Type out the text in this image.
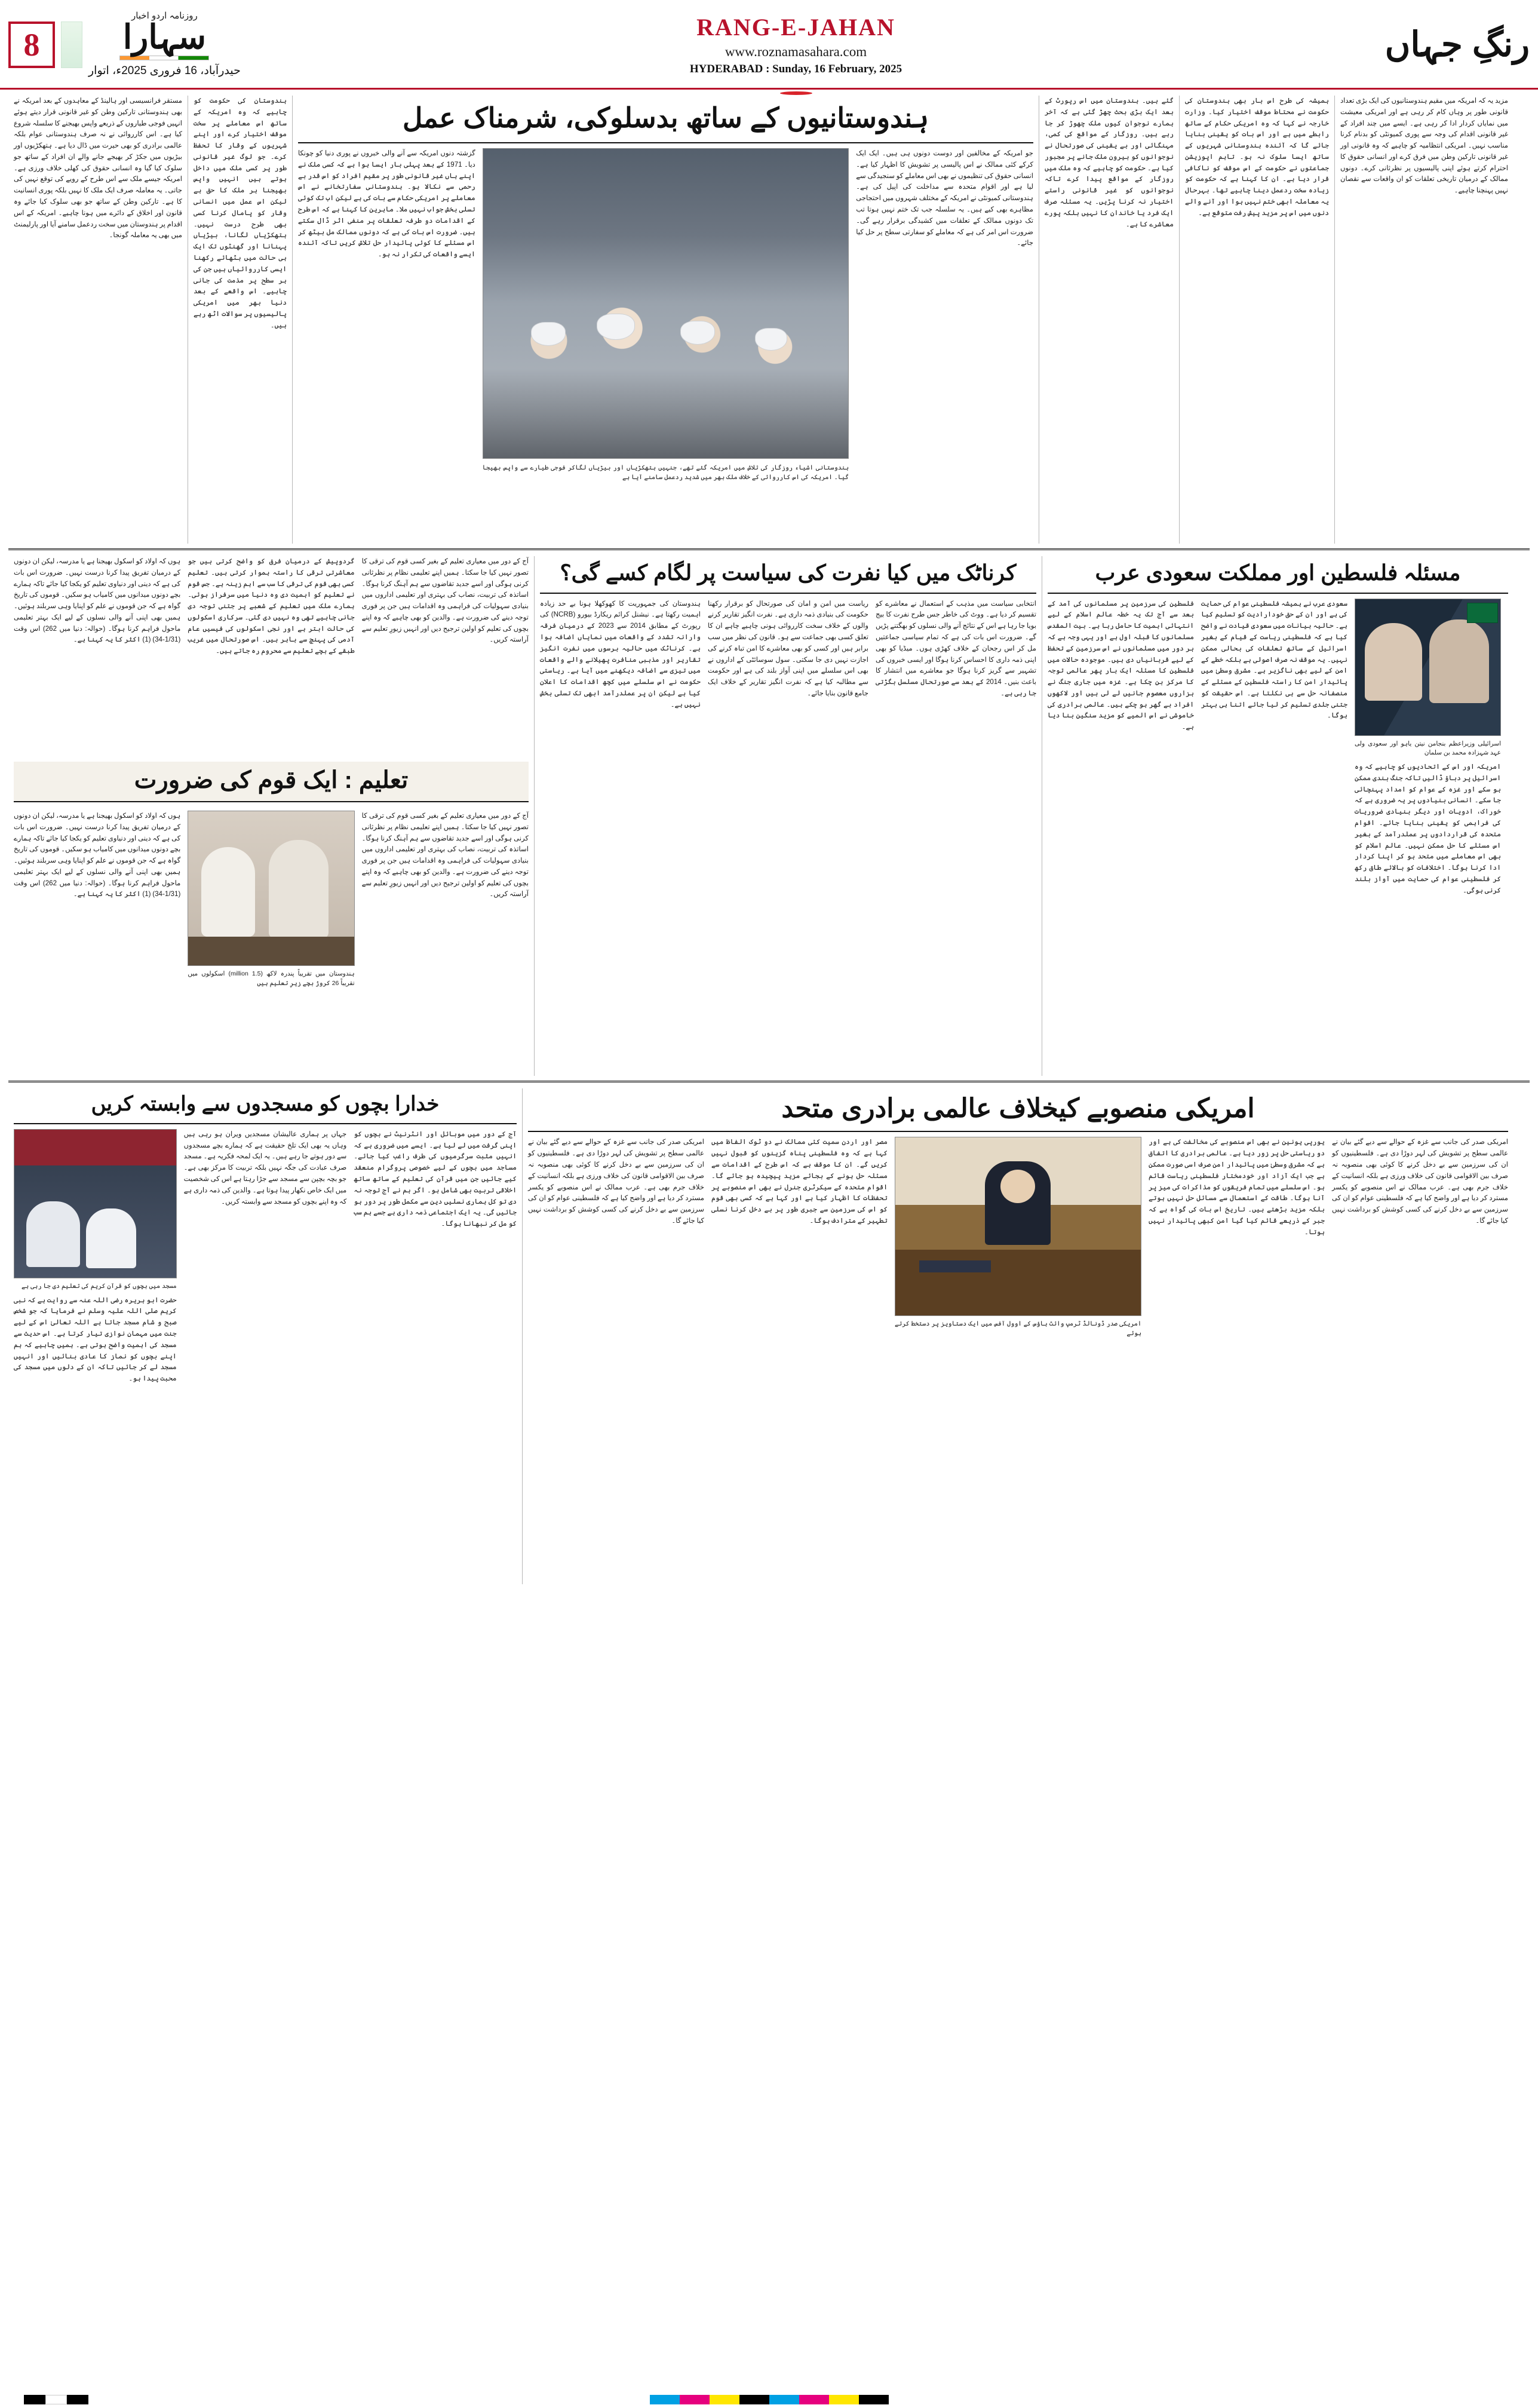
8
روزنامہ اردو اخبار
سہارا
حیدرآباد، 16 فروری 2025ء، اتوار
RANG-E-JAHAN
www.roznamasahara.com
HYDERABAD : Sunday, 16 February, 2025
رنگِ جہاں
مستقر فرانسیسی اور ہالینڈ کے معاہدوں کے بعد امریکہ نے بھی ہندوستانی تارکین وطن کو غیر قانونی قرار دیتے ہوئے انہیں فوجی طیاروں کے ذریعے واپس بھیجنے کا سلسلہ شروع کیا ہے۔ اس کارروائی نے نہ صرف ہندوستانی عوام بلکہ عالمی برادری کو بھی حیرت میں ڈال دیا ہے۔ ہتھکڑیوں اور بیڑیوں میں جکڑ کر بھیجے جانے والے ان افراد کے ساتھ جو سلوک کیا گیا وہ انسانی حقوق کی کھلی خلاف ورزی ہے۔ امریکہ جیسے ملک سے اس طرح کے رویے کی توقع نہیں کی جاتی۔ یہ معاملہ صرف ایک ملک کا نہیں بلکہ پوری انسانیت کا ہے۔ تارکین وطن کے ساتھ جو بھی سلوک کیا جائے وہ قانون اور اخلاق کے دائرے میں ہونا چاہیے۔ امریکہ کے اس اقدام پر ہندوستان میں سخت ردعمل سامنے آیا اور پارلیمنٹ میں بھی یہ معاملہ گونجا۔
ہندوستان کی حکومت کو چاہیے کہ وہ امریکہ کے ساتھ اس معاملے پر سخت موقف اختیار کرے اور اپنے شہریوں کے وقار کا تحفظ کرے۔ جو لوگ غیر قانونی طور پر کسی ملک میں داخل ہوتے ہیں انہیں واپس بھیجنا ہر ملک کا حق ہے لیکن اس عمل میں انسانی وقار کو پامال کرنا کسی بھی طرح درست نہیں۔ ہتھکڑیاں لگانا، بیڑیاں پہنانا اور گھنٹوں تک ایک ہی حالت میں بٹھائے رکھنا ایسی کارروائیاں ہیں جن کی ہر سطح پر مذمت کی جانی چاہیے۔ اس واقعے کے بعد دنیا بھر میں امریکی پالیسیوں پر سوالات اٹھ رہے ہیں۔
ہندوستانیوں کے ساتھ بدسلوکی، شرمناک عمل
گزشتہ دنوں امریکہ سے آنے والی خبروں نے پوری دنیا کو چونکا دیا۔ 1971 کے بعد پہلی بار ایسا ہوا ہے کہ کسی ملک نے اپنے ہاں غیر قانونی طور پر مقیم افراد کو اس قدر بے رحمی سے نکالا ہو۔ ہندوستانی سفارتخانے نے اس معاملے پر امریکی حکام سے بات کی ہے لیکن اب تک کوئی تسلی بخش جواب نہیں ملا۔ ماہرین کا کہنا ہے کہ اس طرح کے اقدامات دو طرفہ تعلقات پر منفی اثر ڈال سکتے ہیں۔ ضرورت اس بات کی ہے کہ دونوں ممالک مل بیٹھ کر اس مسئلے کا کوئی پائیدار حل تلاش کریں تاکہ آئندہ ایسے واقعات کی تکرار نہ ہو۔
ہندوستانی اشیاء روزگار کی تلاش میں امریکہ گئے تھے، جنہیں ہتھکڑیاں اور بیڑیاں لگاکر فوجی طیارے سے واپس بھیجا گیا۔ امریکہ کی اس کارروائی کے خلاف ملک بھر میں شدید ردعمل سامنے آیا ہے
جو امریکہ کے مخالفین اور دوست دونوں ہی ہیں۔ ایک ایک کرکے کئی ممالک نے اس پالیسی پر تشویش کا اظہار کیا ہے۔ انسانی حقوق کی تنظیموں نے بھی اس معاملے کو سنجیدگی سے لیا ہے اور اقوام متحدہ سے مداخلت کی اپیل کی ہے۔ ہندوستانی کمیونٹی نے امریکہ کے مختلف شہروں میں احتجاجی مظاہرے بھی کیے ہیں۔ یہ سلسلہ جب تک ختم نہیں ہوتا تب تک دونوں ممالک کے تعلقات میں کشیدگی برقرار رہے گی۔ ضرورت اس امر کی ہے کہ معاملے کو سفارتی سطح پر حل کیا جائے۔
گئے ہیں۔ ہندوستان میں اس رپورٹ کے بعد ایک بڑی بحث چھڑ گئی ہے کہ آخر ہمارے نوجوان کیوں ملک چھوڑ کر جا رہے ہیں۔ روزگار کے مواقع کی کمی، مہنگائی اور بے یقینی کی صورتحال نے نوجوانوں کو بیرون ملک جانے پر مجبور کیا ہے۔ حکومت کو چاہیے کہ وہ ملک میں روزگار کے مواقع پیدا کرے تاکہ نوجوانوں کو غیر قانونی راستے اختیار نہ کرنا پڑیں۔ یہ مسئلہ صرف ایک فرد یا خاندان کا نہیں بلکہ پورے معاشرے کا ہے۔
ہمیشہ کی طرح اس بار بھی ہندوستان کی حکومت نے محتاط موقف اختیار کیا۔ وزارت خارجہ نے کہا کہ وہ امریکی حکام کے ساتھ رابطے میں ہے اور اس بات کو یقینی بنایا جائے گا کہ آئندہ ہندوستانی شہریوں کے ساتھ ایسا سلوک نہ ہو۔ تاہم اپوزیشن جماعتوں نے حکومت کے اس موقف کو ناکافی قرار دیا ہے۔ ان کا کہنا ہے کہ حکومت کو زیادہ سخت ردعمل دینا چاہیے تھا۔ بہرحال یہ معاملہ ابھی ختم نہیں ہوا اور آنے والے دنوں میں اس پر مزید پیش رفت متوقع ہے۔
مزید یہ کہ امریکہ میں مقیم ہندوستانیوں کی ایک بڑی تعداد قانونی طور پر وہاں کام کر رہی ہے اور امریکی معیشت میں نمایاں کردار ادا کر رہی ہے۔ ایسے میں چند افراد کے غیر قانونی اقدام کی وجہ سے پوری کمیونٹی کو بدنام کرنا مناسب نہیں۔ امریکی انتظامیہ کو چاہیے کہ وہ قانونی اور غیر قانونی تارکین وطن میں فرق کرے اور انسانی حقوق کا احترام کرتے ہوئے اپنی پالیسیوں پر نظرثانی کرے۔ دونوں ممالک کے درمیان تاریخی تعلقات کو ان واقعات سے نقصان نہیں پہنچنا چاہیے۔
ہوں کہ اولاد کو اسکول بھیجنا ہے یا مدرسہ، لیکن ان دونوں کے درمیان تفریق پیدا کرنا درست نہیں۔ ضرورت اس بات کی ہے کہ دینی اور دنیاوی تعلیم کو یکجا کیا جائے تاکہ ہمارے بچے دونوں میدانوں میں کامیاب ہو سکیں۔ قوموں کی تاریخ گواہ ہے کہ جن قوموں نے علم کو اپنایا وہی سربلند ہوئیں۔ ہمیں بھی اپنی آنے والی نسلوں کے لیے ایک بہتر تعلیمی ماحول فراہم کرنا ہوگا۔ (حوالہ: دنیا میں 262) اس وقت (1/31-34) (1) اکثر کا یہ کہنا ہے۔
گردوپیش کے درمیان فرق کو واضح کرتی ہیں جو معاشرتی ترقی کا راستہ ہموار کرتی ہیں۔ تعلیم کسی بھی قوم کی ترقی کا سب سے اہم زینہ ہے۔ جس قوم نے تعلیم کو اہمیت دی وہ دنیا میں سرفراز ہوئی۔ ہمارے ملک میں تعلیم کے شعبے پر جتنی توجہ دی جانی چاہیے تھی وہ نہیں دی گئی۔ سرکاری اسکولوں کی حالت ابتر ہے اور نجی اسکولوں کی فیسیں عام آدمی کی پہنچ سے باہر ہیں۔ اس صورتحال میں غریب طبقے کے بچے تعلیم سے محروم رہ جاتے ہیں۔
آج کے دور میں معیاری تعلیم کے بغیر کسی قوم کی ترقی کا تصور نہیں کیا جا سکتا۔ ہمیں اپنے تعلیمی نظام پر نظرثانی کرنی ہوگی اور اسے جدید تقاضوں سے ہم آہنگ کرنا ہوگا۔ اساتذہ کی تربیت، نصاب کی بہتری اور تعلیمی اداروں میں بنیادی سہولیات کی فراہمی وہ اقدامات ہیں جن پر فوری توجہ دینے کی ضرورت ہے۔ والدین کو بھی چاہیے کہ وہ اپنے بچوں کی تعلیم کو اولین ترجیح دیں اور انہیں زیورِ تعلیم سے آراستہ کریں۔
تعلیم : ایک قوم کی ضرورت
ہوں کہ اولاد کو اسکول بھیجنا ہے یا مدرسہ، لیکن ان دونوں کے درمیان تفریق پیدا کرنا درست نہیں۔ ضرورت اس بات کی ہے کہ دینی اور دنیاوی تعلیم کو یکجا کیا جائے تاکہ ہمارے بچے دونوں میدانوں میں کامیاب ہو سکیں۔ قوموں کی تاریخ گواہ ہے کہ جن قوموں نے علم کو اپنایا وہی سربلند ہوئیں۔ ہمیں بھی اپنی آنے والی نسلوں کے لیے ایک بہتر تعلیمی ماحول فراہم کرنا ہوگا۔ (حوالہ: دنیا میں 262) اس وقت (1/31-34) (1) اکثر کا یہ کہنا ہے۔
ہندوستان میں تقریباً پندرہ لاکھ (1.5 million) اسکولوں میں تقریباً 26 کروڑ بچے زیرِ تعلیم ہیں
آج کے دور میں معیاری تعلیم کے بغیر کسی قوم کی ترقی کا تصور نہیں کیا جا سکتا۔ ہمیں اپنے تعلیمی نظام پر نظرثانی کرنی ہوگی اور اسے جدید تقاضوں سے ہم آہنگ کرنا ہوگا۔ اساتذہ کی تربیت، نصاب کی بہتری اور تعلیمی اداروں میں بنیادی سہولیات کی فراہمی وہ اقدامات ہیں جن پر فوری توجہ دینے کی ضرورت ہے۔ والدین کو بھی چاہیے کہ وہ اپنے بچوں کی تعلیم کو اولین ترجیح دیں اور انہیں زیورِ تعلیم سے آراستہ کریں۔
کرناٹک میں کیا نفرت کی سیاست پر لگام کسے گی؟
ہندوستان کی جمہوریت کا کھوکھلا ہونا بے حد زیادہ اہمیت رکھتا ہے۔ نیشنل کرائم ریکارڈ بیورو (NCRB) کی رپورٹ کے مطابق 2014 سے 2023 کے درمیان فرقہ وارانہ تشدد کے واقعات میں نمایاں اضافہ ہوا ہے۔ کرناٹک میں حالیہ برسوں میں نفرت انگیز تقاریر اور مذہبی منافرت پھیلانے والے واقعات میں تیزی سے اضافہ دیکھنے میں آیا ہے۔ ریاستی حکومت نے اس سلسلے میں کچھ اقدامات کا اعلان کیا ہے لیکن ان پر عملدرآمد ابھی تک تسلی بخش نہیں ہے۔
ریاست میں امن و امان کی صورتحال کو برقرار رکھنا حکومت کی بنیادی ذمہ داری ہے۔ نفرت انگیز تقاریر کرنے والوں کے خلاف سخت کارروائی ہونی چاہیے چاہے ان کا تعلق کسی بھی جماعت سے ہو۔ قانون کی نظر میں سب برابر ہیں اور کسی کو بھی معاشرے کا امن تباہ کرنے کی اجازت نہیں دی جا سکتی۔ سول سوسائٹی کے اداروں نے بھی اس سلسلے میں اپنی آواز بلند کی ہے اور حکومت سے مطالبہ کیا ہے کہ نفرت انگیز تقاریر کے خلاف ایک جامع قانون بنایا جائے۔
انتخابی سیاست میں مذہب کے استعمال نے معاشرے کو تقسیم کر دیا ہے۔ ووٹ کی خاطر جس طرح نفرت کا بیج بویا جا رہا ہے اس کے نتائج آنے والی نسلوں کو بھگتنے پڑیں گے۔ ضرورت اس بات کی ہے کہ تمام سیاسی جماعتیں مل کر اس رجحان کے خلاف کھڑی ہوں۔ میڈیا کو بھی اپنی ذمہ داری کا احساس کرنا ہوگا اور ایسی خبروں کی تشہیر سے گریز کرنا ہوگا جو معاشرے میں انتشار کا باعث بنیں۔ 2014 کے بعد سے صورتحال مسلسل بگڑتی جا رہی ہے۔
مسئلہ فلسطین اور مملکت سعودی عرب
فلسطین کی سرزمین پر مسلمانوں کی آمد کے بعد سے آج تک یہ خطہ عالم اسلام کے لیے انتہائی اہمیت کا حامل رہا ہے۔ بیت المقدس مسلمانوں کا قبلہ اول ہے اور یہی وجہ ہے کہ ہر دور میں مسلمانوں نے اس سرزمین کے تحفظ کے لیے قربانیاں دی ہیں۔ موجودہ حالات میں فلسطین کا مسئلہ ایک بار پھر عالمی توجہ کا مرکز بن چکا ہے۔ غزہ میں جاری جنگ نے ہزاروں معصوم جانیں لے لی ہیں اور لاکھوں افراد بے گھر ہو چکے ہیں۔ عالمی برادری کی خاموشی نے اس المیے کو مزید سنگین بنا دیا ہے۔
سعودی عرب نے ہمیشہ فلسطینی عوام کی حمایت کی ہے اور ان کے حق خودارادیت کو تسلیم کیا ہے۔ حالیہ بیانات میں سعودی قیادت نے واضح کیا ہے کہ فلسطینی ریاست کے قیام کے بغیر اسرائیل کے ساتھ تعلقات کی بحالی ممکن نہیں۔ یہ موقف نہ صرف اصولی ہے بلکہ خطے کے امن کے لیے بھی ناگزیر ہے۔ مشرق وسطیٰ میں پائیدار امن کا راستہ فلسطین کے مسئلے کے منصفانہ حل سے ہی نکلتا ہے۔ اس حقیقت کو جتنی جلدی تسلیم کر لیا جائے اتنا ہی بہتر ہوگا۔
اسرائیلی وزیراعظم بنجامن نیتن یاہو اور سعودی ولی عہد شہزادہ محمد بن سلمان
امریکہ اور اس کے اتحادیوں کو چاہیے کہ وہ اسرائیل پر دباؤ ڈالیں تاکہ جنگ بندی ممکن ہو سکے اور غزہ کے عوام کو امداد پہنچائی جا سکے۔ انسانی بنیادوں پر یہ ضروری ہے کہ خوراک، ادویات اور دیگر بنیادی ضروریات کی فراہمی کو یقینی بنایا جائے۔ اقوام متحدہ کی قراردادوں پر عملدرآمد کے بغیر اس مسئلے کا حل ممکن نہیں۔ عالم اسلام کو بھی اس معاملے میں متحد ہو کر اپنا کردار ادا کرنا ہوگا۔ اختلافات کو بالائے طاق رکھ کر فلسطینی عوام کی حمایت میں آواز بلند کرنی ہوگی۔
خدارا بچوں کو مسجدوں سے وابستہ کریں
مسجد میں بچوں کو قرآن کریم کی تعلیم دی جا رہی ہے
حضرت ابو ہریرہ رضی اللہ عنہ سے روایت ہے کہ نبی کریم صلی اللہ علیہ وسلم نے فرمایا کہ جو شخص صبح و شام مسجد جاتا ہے اللہ تعالیٰ اس کے لیے جنت میں مہمان نوازی تیار کرتا ہے۔ اس حدیث سے مسجد کی اہمیت واضح ہوتی ہے۔ ہمیں چاہیے کہ ہم اپنے بچوں کو نماز کا عادی بنائیں اور انہیں مسجد لے کر جائیں تاکہ ان کے دلوں میں مسجد کی محبت پیدا ہو۔
جہاں پر ہماری عالیشان مسجدیں ویران ہو رہی ہیں وہاں یہ بھی ایک تلخ حقیقت ہے کہ ہمارے بچے مسجدوں سے دور ہوتے جا رہے ہیں۔ یہ ایک لمحہ فکریہ ہے۔ مسجد صرف عبادت کی جگہ نہیں بلکہ تربیت کا مرکز بھی ہے۔ جو بچہ بچپن سے مسجد سے جڑا رہتا ہے اس کی شخصیت میں ایک خاص نکھار پیدا ہوتا ہے۔ والدین کی ذمہ داری ہے کہ وہ اپنے بچوں کو مسجد سے وابستہ کریں۔
آج کے دور میں موبائل اور انٹرنیٹ نے بچوں کو اپنی گرفت میں لے لیا ہے۔ ایسے میں ضروری ہے کہ انہیں مثبت سرگرمیوں کی طرف راغب کیا جائے۔ مساجد میں بچوں کے لیے خصوصی پروگرام منعقد کیے جائیں جن میں قرآن کی تعلیم کے ساتھ ساتھ اخلاقی تربیت بھی شامل ہو۔ اگر ہم نے آج توجہ نہ دی تو کل ہماری نسلیں دین سے مکمل طور پر دور ہو جائیں گی۔ یہ ایک اجتماعی ذمہ داری ہے جسے ہم سب کو مل کر نبھانا ہوگا۔
امریکی منصوبے کیخلاف عالمی برادری متحد
امریکی صدر کی جانب سے غزہ کے حوالے سے دیے گئے بیان نے عالمی سطح پر تشویش کی لہر دوڑا دی ہے۔ فلسطینیوں کو ان کی سرزمین سے بے دخل کرنے کا کوئی بھی منصوبہ نہ صرف بین الاقوامی قانون کی خلاف ورزی ہے بلکہ انسانیت کے خلاف جرم بھی ہے۔ عرب ممالک نے اس منصوبے کو یکسر مسترد کر دیا ہے اور واضح کیا ہے کہ فلسطینی عوام کو ان کی سرزمین سے بے دخل کرنے کی کسی کوشش کو برداشت نہیں کیا جائے گا۔
مصر اور اردن سمیت کئی ممالک نے دو ٹوک الفاظ میں کہا ہے کہ وہ فلسطینی پناہ گزینوں کو قبول نہیں کریں گے۔ ان کا موقف ہے کہ اس طرح کے اقدامات سے مسئلہ حل ہونے کے بجائے مزید پیچیدہ ہو جائے گا۔ اقوام متحدہ کے سیکرٹری جنرل نے بھی اس منصوبے پر تحفظات کا اظہار کیا ہے اور کہا ہے کہ کسی بھی قوم کو اس کی سرزمین سے جبری طور پر بے دخل کرنا نسلی تطہیر کے مترادف ہوگا۔
امریکی صدر ڈونالڈ ٹرمپ وائٹ ہاؤس کے اوول آفس میں ایک دستاویز پر دستخط کرتے ہوئے
یورپی یونین نے بھی اس منصوبے کی مخالفت کی ہے اور دو ریاستی حل پر زور دیا ہے۔ عالمی برادری کا اتفاق ہے کہ مشرق وسطیٰ میں پائیدار امن صرف اسی صورت ممکن ہے جب ایک آزاد اور خودمختار فلسطینی ریاست قائم ہو۔ اس سلسلے میں تمام فریقوں کو مذاکرات کی میز پر آنا ہوگا۔ طاقت کے استعمال سے مسائل حل نہیں ہوتے بلکہ مزید بڑھتے ہیں۔ تاریخ اس بات کی گواہ ہے کہ جبر کے ذریعے قائم کیا گیا امن کبھی پائیدار نہیں ہوتا۔
امریکی صدر کی جانب سے غزہ کے حوالے سے دیے گئے بیان نے عالمی سطح پر تشویش کی لہر دوڑا دی ہے۔ فلسطینیوں کو ان کی سرزمین سے بے دخل کرنے کا کوئی بھی منصوبہ نہ صرف بین الاقوامی قانون کی خلاف ورزی ہے بلکہ انسانیت کے خلاف جرم بھی ہے۔ عرب ممالک نے اس منصوبے کو یکسر مسترد کر دیا ہے اور واضح کیا ہے کہ فلسطینی عوام کو ان کی سرزمین سے بے دخل کرنے کی کسی کوشش کو برداشت نہیں کیا جائے گا۔
